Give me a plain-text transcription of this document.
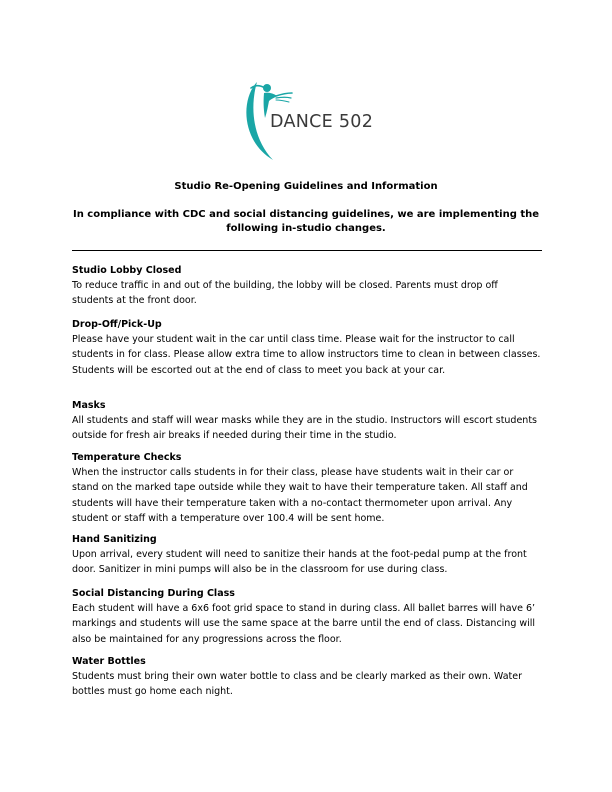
DANCE 502

Studio Re-Opening Guidelines and Information

In compliance with CDC and social distancing guidelines, we are implementing the following in-studio changes.

Studio Lobby Closed

To reduce traffic in and out of the building, the lobby will be closed. Parents must drop off students at the front door.

Drop-Off/Pick-Up

Please have your student wait in the car until class time. Please wait for the instructor to call students in for class. Please allow extra time to allow instructors time to clean in between classes. Students will be escorted out at the end of class to meet you back at your car.

Masks

All students and staff will wear masks while they are in the studio. Instructors will escort students outside for fresh air breaks if needed during their time in the studio.

Temperature Checks

When the instructor calls students in for their class, please have students wait in their car or stand on the marked tape outside while they wait to have their temperature taken. All staff and students will have their temperature taken with a no-contact thermometer upon arrival. Any student or staff with a temperature over 100.4 will be sent home.

Hand Sanitizing

Upon arrival, every student will need to sanitize their hands at the foot-pedal pump at the front door. Sanitizer in mini pumps will also be in the classroom for use during class.

Social Distancing During Class

Each student will have a 6x6 foot grid space to stand in during class. All ballet barres will have 6’ markings and students will use the same space at the barre until the end of class. Distancing will also be maintained for any progressions across the floor.

Water Bottles

Students must bring their own water bottle to class and be clearly marked as their own. Water bottles must go home each night.
